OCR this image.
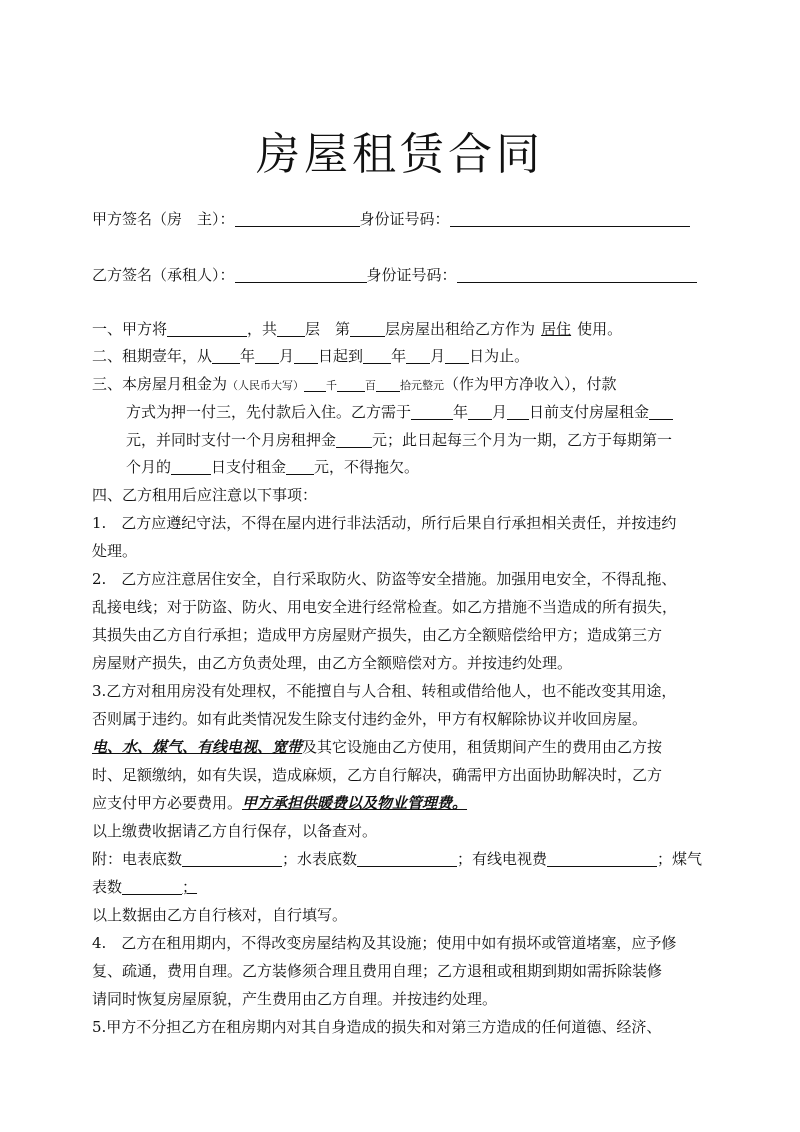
房屋租赁合同
甲方签名（房　主）：	身份证号码：
乙方签名（承租人）：	身份证号码：
一、甲方将	，共 层　第 层房屋出租给乙方作为 居住 使用。
二、租期壹年，从 年 月 日起到 年 月 日为止。
三、本房屋月租金为（人民币大写） 千	百 拾元整元（作为甲方净收入），付款
方式为押一付三，先付款后入住。乙方需于	年 月 日前支付房屋租金
元，并同时支付一个月房租押金 元；此日起每三个月为一期，乙方于每期第一
个月的	日支付租金 元，不得拖欠。
四、乙方租用后应注意以下事项：
1.　乙方应遵纪守法，不得在屋内进行非法活动，所行后果自行承担相关责任，并按违约
处理。
2.　乙方应注意居住安全，自行采取防火、防盗等安全措施。加强用电安全，不得乱拖、
乱接电线；对于防盗、防火、用电安全进行经常检查。如乙方措施不当造成的所有损失，
其损失由乙方自行承担；造成甲方房屋财产损失，由乙方全额赔偿给甲方；造成第三方
房屋财产损失，由乙方负责处理，由乙方全额赔偿对方。并按违约处理。
3.乙方对租用房没有处理权，不能擅自与人合租、转租或借给他人，也不能改变其用途，
否则属于违约。如有此类情况发生除支付违约金外，甲方有权解除协议并收回房屋。
电、水、煤气、有线电视、宽带及其它设施由乙方使用，租赁期间产生的费用由乙方按
时、足额缴纳，如有失误，造成麻烦，乙方自行解决，确需甲方出面协助解决时，乙方
应支付甲方必要费用。甲方承担供暖费以及物业管理费。
以上缴费收据请乙方自行保存，以备查对。
附：电表底数	；水表底数	；有线电视费	；煤气
表数	；
以上数据由乙方自行核对，自行填写。
4.　乙方在租用期内，不得改变房屋结构及其设施；使用中如有损坏或管道堵塞，应予修
复、疏通，费用自理。乙方装修须合理且费用自理；乙方退租或租期到期如需拆除装修
请同时恢复房屋原貌，产生费用由乙方自理。并按违约处理。
5.甲方不分担乙方在租房期内对其自身造成的损失和对第三方造成的任何道德、经济、
